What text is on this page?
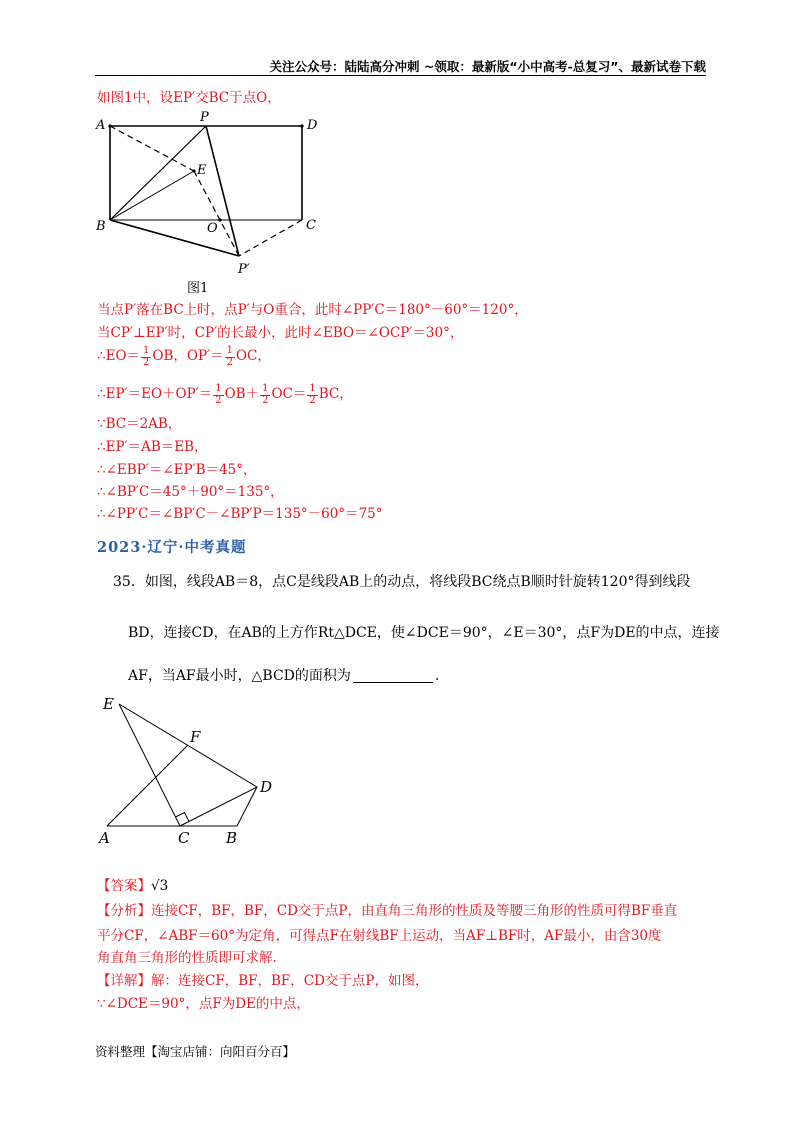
关注公众号：陆陆高分冲刺 ~领取：最新版“小中高考-总复习”、最新试卷下载
如图1中，设EP′交BC于点O，
A
P
D
E
B	O	C
P′
图1
当点P′落在BC上时，点P′与O重合，此时∠PP′C＝180°－60°＝120°，
当CP′⊥EP′时，CP′的长最小，此时∠EBO＝∠OCP′＝30°，
∴EO＝ $\frac{1}{2}$ OB，$OP'= \frac{1}{2}$ OC，
∴EP′＝EO＋OP′＝ $\frac{1}{2} OB+ \frac{1}{2} OC= \frac{1}{2}$ BC，
∵BC＝2AB，
∴EP′＝AB＝EB，
∴∠EBP′＝∠EP′B＝45°，
∴∠BP′C＝45°＋90°＝135°，
∴∠PP′C＝∠BP′C－∠BP′P＝135°－60°＝75°
2023·辽宁·中考真题
35．如图，线段AB＝8，点C是线段AB上的动点，将线段BC绕点B顺时针旋转120°得到线段
BD，连接CD，在AB的上方作Rt△DCE，使∠DCE＝90°，∠E＝30°，点F为DE的中点，连接
AF，当AF最小时，△BCD的面积为	.
E
F
D
A	C B
【答案】√3
【分析】连接CF，BF，BF，CD交于点P，由直角三角形的性质及等腰三角形的性质可得BF垂直
平分CF，∠ABF＝60°为定角，可得点F在射线BF上运动，当AF⊥BF时，AF最小，由含30度
角直角三角形的性质即可求解.
【详解】解：连接CF，BF，BF，CD交于点P，如图，
∵∠DCE＝90°，点F为DE的中点，
资料整理【淘宝店铺：向阳百分百】
